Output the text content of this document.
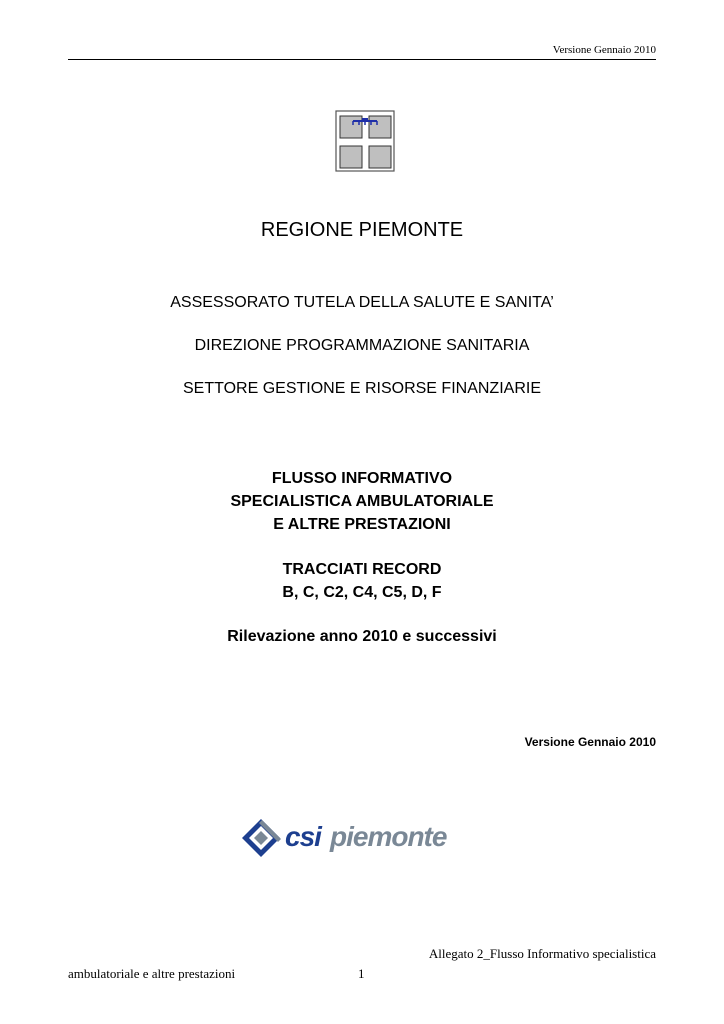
Versione Gennaio 2010
REGIONE PIEMONTE
ASSESSORATO TUTELA DELLA SALUTE E SANITA’
DIREZIONE PROGRAMMAZIONE SANITARIA
SETTORE GESTIONE E RISORSE FINANZIARIE
FLUSSO INFORMATIVO
SPECIALISTICA AMBULATORIALE
E ALTRE PRESTAZIONI
TRACCIATI RECORD
B, C, C2, C4, C5, D, F
Rilevazione anno 2010 e successivi
Versione Gennaio 2010
csi piemonte
Allegato 2_Flusso Informativo specialistica
ambulatoriale e altre prestazioni	1
